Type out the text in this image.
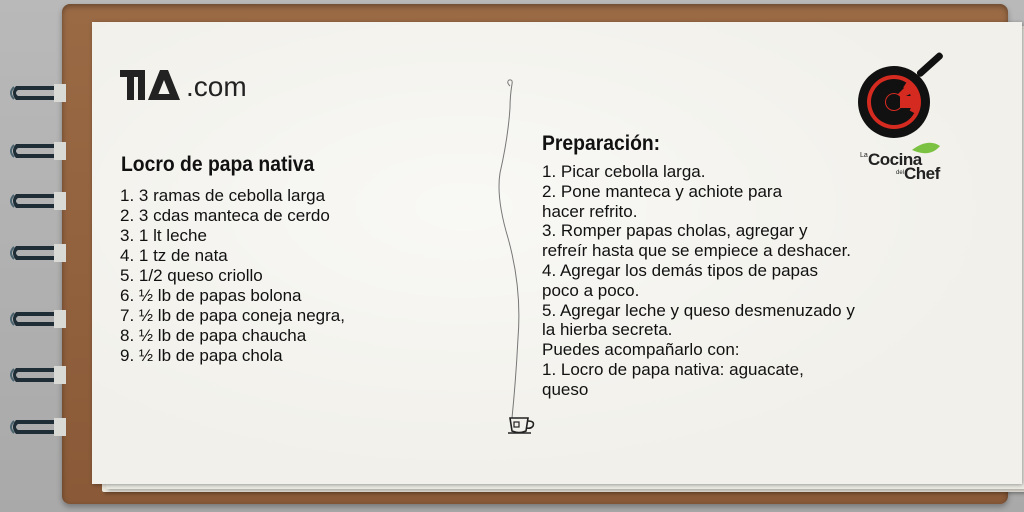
.com
Locro de papa nativa
1. 3 ramas de cebolla larga
2. 3 cdas manteca de cerdo
3. 1 lt leche
4. 1 tz de nata
5. 1/2 queso criollo
6. ½ lb de papas bolona
7. ½ lb de papa coneja negra,
8. ½ lb de papa chaucha
9. ½ lb de papa chola
Preparación:
1. Picar cebolla larga.
2. Pone manteca y achiote para
hacer refrito.
3. Romper papas cholas, agregar y
refreír hasta que se empiece a deshacer.
4. Agregar los demás tipos de papas
poco a poco.
5. Agregar leche y queso desmenuzado y
la hierba secreta.
Puedes acompañarlo con:
1. Locro de papa nativa: aguacate,
queso
La Cocina
del Chef
